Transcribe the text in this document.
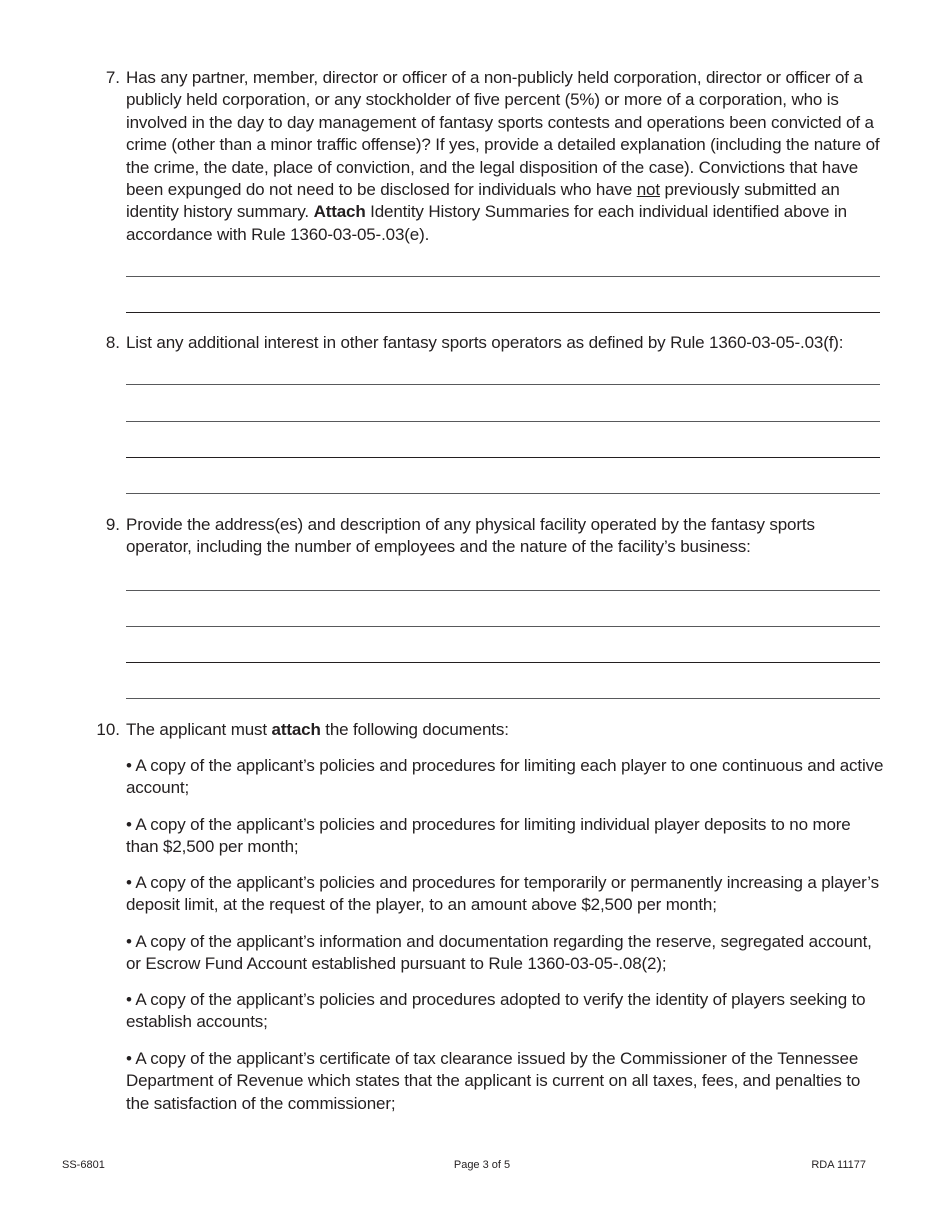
7. Has any partner, member, director or officer of a non-publicly held corporation, director or officer of a publicly held corporation, or any stockholder of five percent (5%) or more of a corporation, who is involved in the day to day management of fantasy sports contests and operations been convicted of a crime (other than a minor traffic offense)? If yes, provide a detailed explanation (including the nature of the crime, the date, place of conviction, and the legal disposition of the case). Convictions that have been expunged do not need to be disclosed for individuals who have not previously submitted an identity history summary. Attach Identity History Summaries for each individual identified above in accordance with Rule 1360-03-05-.03(e).
8. List any additional interest in other fantasy sports operators as defined by Rule 1360-03-05-.03(f):
9. Provide the address(es) and description of any physical facility operated by the fantasy sports operator, including the number of employees and the nature of the facility’s business:
10. The applicant must attach the following documents:
• A copy of the applicant’s policies and procedures for limiting each player to one continuous and active account;
• A copy of the applicant’s policies and procedures for limiting individual player deposits to no more than $2,500 per month;
• A copy of the applicant’s policies and procedures for temporarily or permanently increasing a player’s deposit limit, at the request of the player, to an amount above $2,500 per month;
• A copy of the applicant’s information and documentation regarding the reserve, segregated account, or Escrow Fund Account established pursuant to Rule 1360-03-05-.08(2);
• A copy of the applicant’s policies and procedures adopted to verify the identity of players seeking to establish accounts;
• A copy of the applicant’s certificate of tax clearance issued by the Commissioner of the Tennessee Department of Revenue which states that the applicant is current on all taxes, fees, and penalties to the satisfaction of the commissioner;
SS-6801	Page 3 of 5	RDA 11177
